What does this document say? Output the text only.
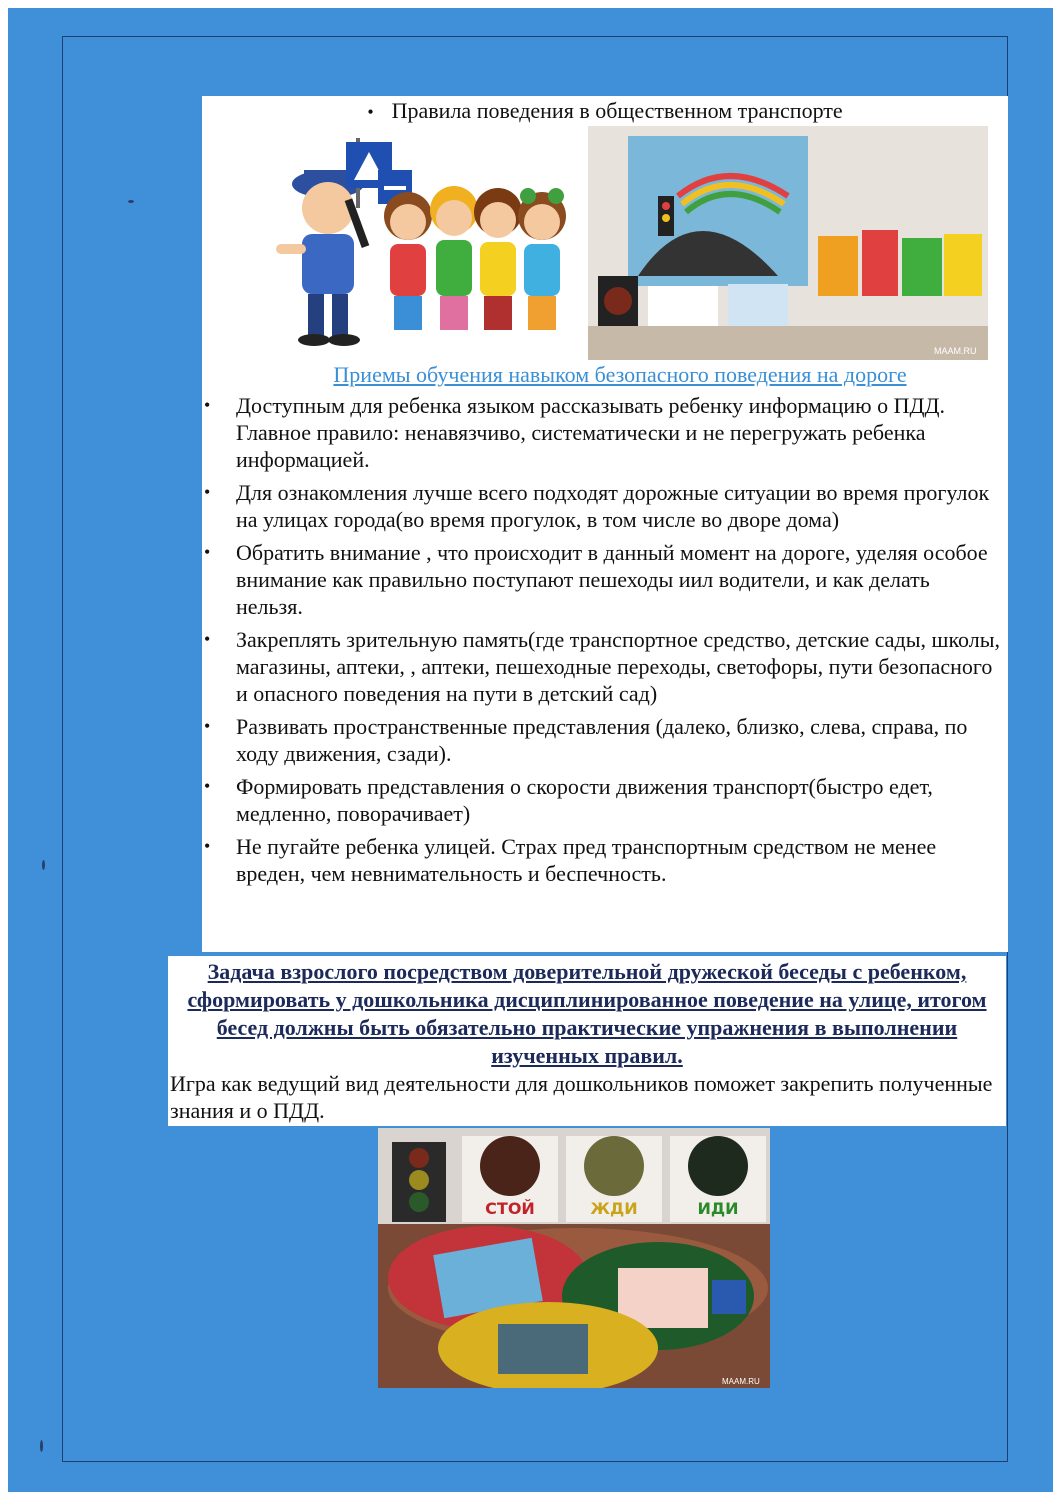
• Правила поведения в общественном транспорте
MAAM.RU
Приемы обучения навыком безопасного поведения на дороге
• Доступным для ребенка языком рассказывать ребенку информацию о ПДД. Главное правило: ненавязчиво, систематически и не перегружать ребенка информацией.
• Для ознакомления лучше всего подходят дорожные ситуации во время прогулок на улицах города(во время прогулок, в том числе во дворе дома)
• Обратить внимание , что происходит в данный момент на дороге, уделяя особое внимание как правильно поступают пешеходы иил водители, и как делать нельзя.
• Закреплять зрительную память(где транспортное средство, детские сады, школы, магазины, аптеки, , аптеки, пешеходные переходы, светофоры, пути безопасного и опасного поведения на пути в детский сад)
• Развивать пространственные представления (далеко, близко, слева, справа, по ходу движения, сзади).
• Формировать представления о скорости движения транспорт(быстро едет, медленно, поворачивает)
• Не пугайте ребенка улицей. Страх пред транспортным средством не менее вреден, чем невнимательность и беспечность.
Задача взрослого посредством доверительной дружеской беседы с ребенком, сформировать у дошкольника дисциплинированное поведение на улице, итогом бесед должны быть обязательно практические упражнения в выполнении изученных правил.
Игра как ведущий вид деятельности для дошкольников поможет закрепить полученные знания и о ПДД.
СТОЙ	ЖДИ	ИДИ
MAAM.RU
